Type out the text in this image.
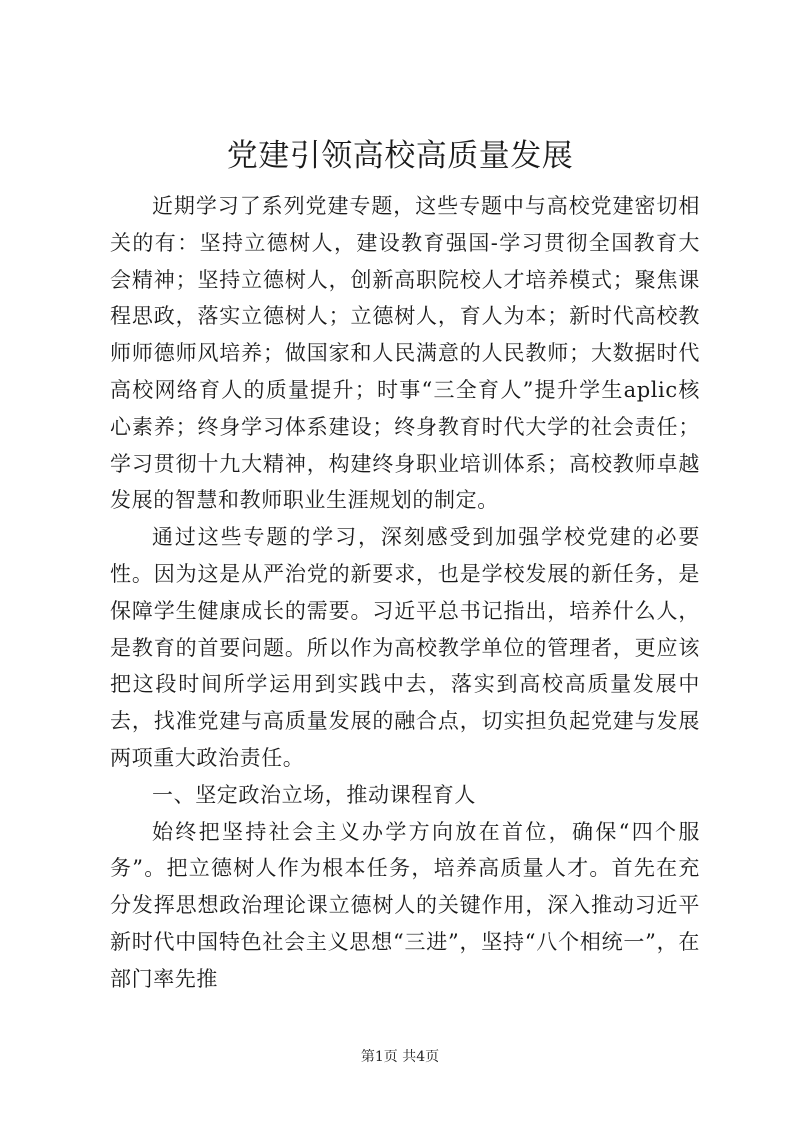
党建引领高校高质量发展

近期学习了系列党建专题，这些专题中与高校党建密切相关的有：坚持立德树人，建设教育强国-学习贯彻全国教育大会精神；坚持立德树人，创新高职院校人才培养模式；聚焦课程思政，落实立德树人；立德树人，育人为本；新时代高校教师师德师风培养；做国家和人民满意的人民教师；大数据时代高校网络育人的质量提升；时事“三全育人”提升学生aplic核心素养；终身学习体系建设；终身教育时代大学的社会责任；学习贯彻十九大精神，构建终身职业培训体系；高校教师卓越发展的智慧和教师职业生涯规划的制定。

通过这些专题的学习，深刻感受到加强学校党建的必要性。因为这是从严治党的新要求，也是学校发展的新任务，是保障学生健康成长的需要。习近平总书记指出，培养什么人，是教育的首要问题。所以作为高校教学单位的管理者，更应该把这段时间所学运用到实践中去，落实到高校高质量发展中去，找准党建与高质量发展的融合点，切实担负起党建与发展两项重大政治责任。

一、坚定政治立场，推动课程育人

始终把坚持社会主义办学方向放在首位，确保“四个服务”。把立德树人作为根本任务，培养高质量人才。首先在充分发挥思想政治理论课立德树人的关键作用，深入推动习近平新时代中国特色社会主义思想“三进”，坚持“八个相统一”，在部门率先推

第1页 共4页
